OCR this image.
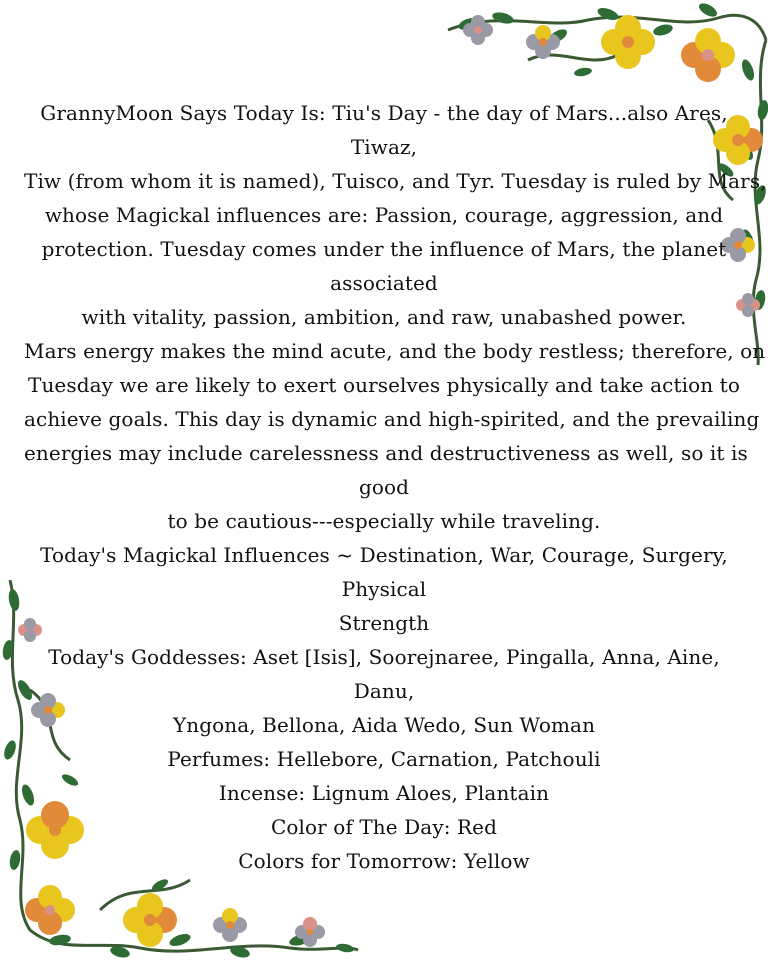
GrannyMoon Says Today Is: Tiu's Day - the day of Mars...also Ares,
Tiwaz,
Tiw (from whom it is named), Tuisco, and Tyr. Tuesday is ruled by Mars,
whose Magickal influences are: Passion, courage, aggression, and
protection. Tuesday comes under the influence of Mars, the planet
associated
with vitality, passion, ambition, and raw, unabashed power.
Mars energy makes the mind acute, and the body restless; therefore, on
Tuesday we are likely to exert ourselves physically and take action to
achieve goals. This day is dynamic and high-spirited, and the prevailing
energies may include carelessness and destructiveness as well, so it is
good
to be cautious---especially while traveling.
Today's Magickal Influences ~ Destination, War, Courage, Surgery,
Physical
Strength
Today's Goddesses: Aset [Isis], Soorejnaree, Pingalla, Anna, Aine,
Danu,
Yngona, Bellona, Aida Wedo, Sun Woman
Perfumes: Hellebore, Carnation, Patchouli
Incense: Lignum Aloes, Plantain
Color of The Day: Red
Colors for Tomorrow: Yellow
